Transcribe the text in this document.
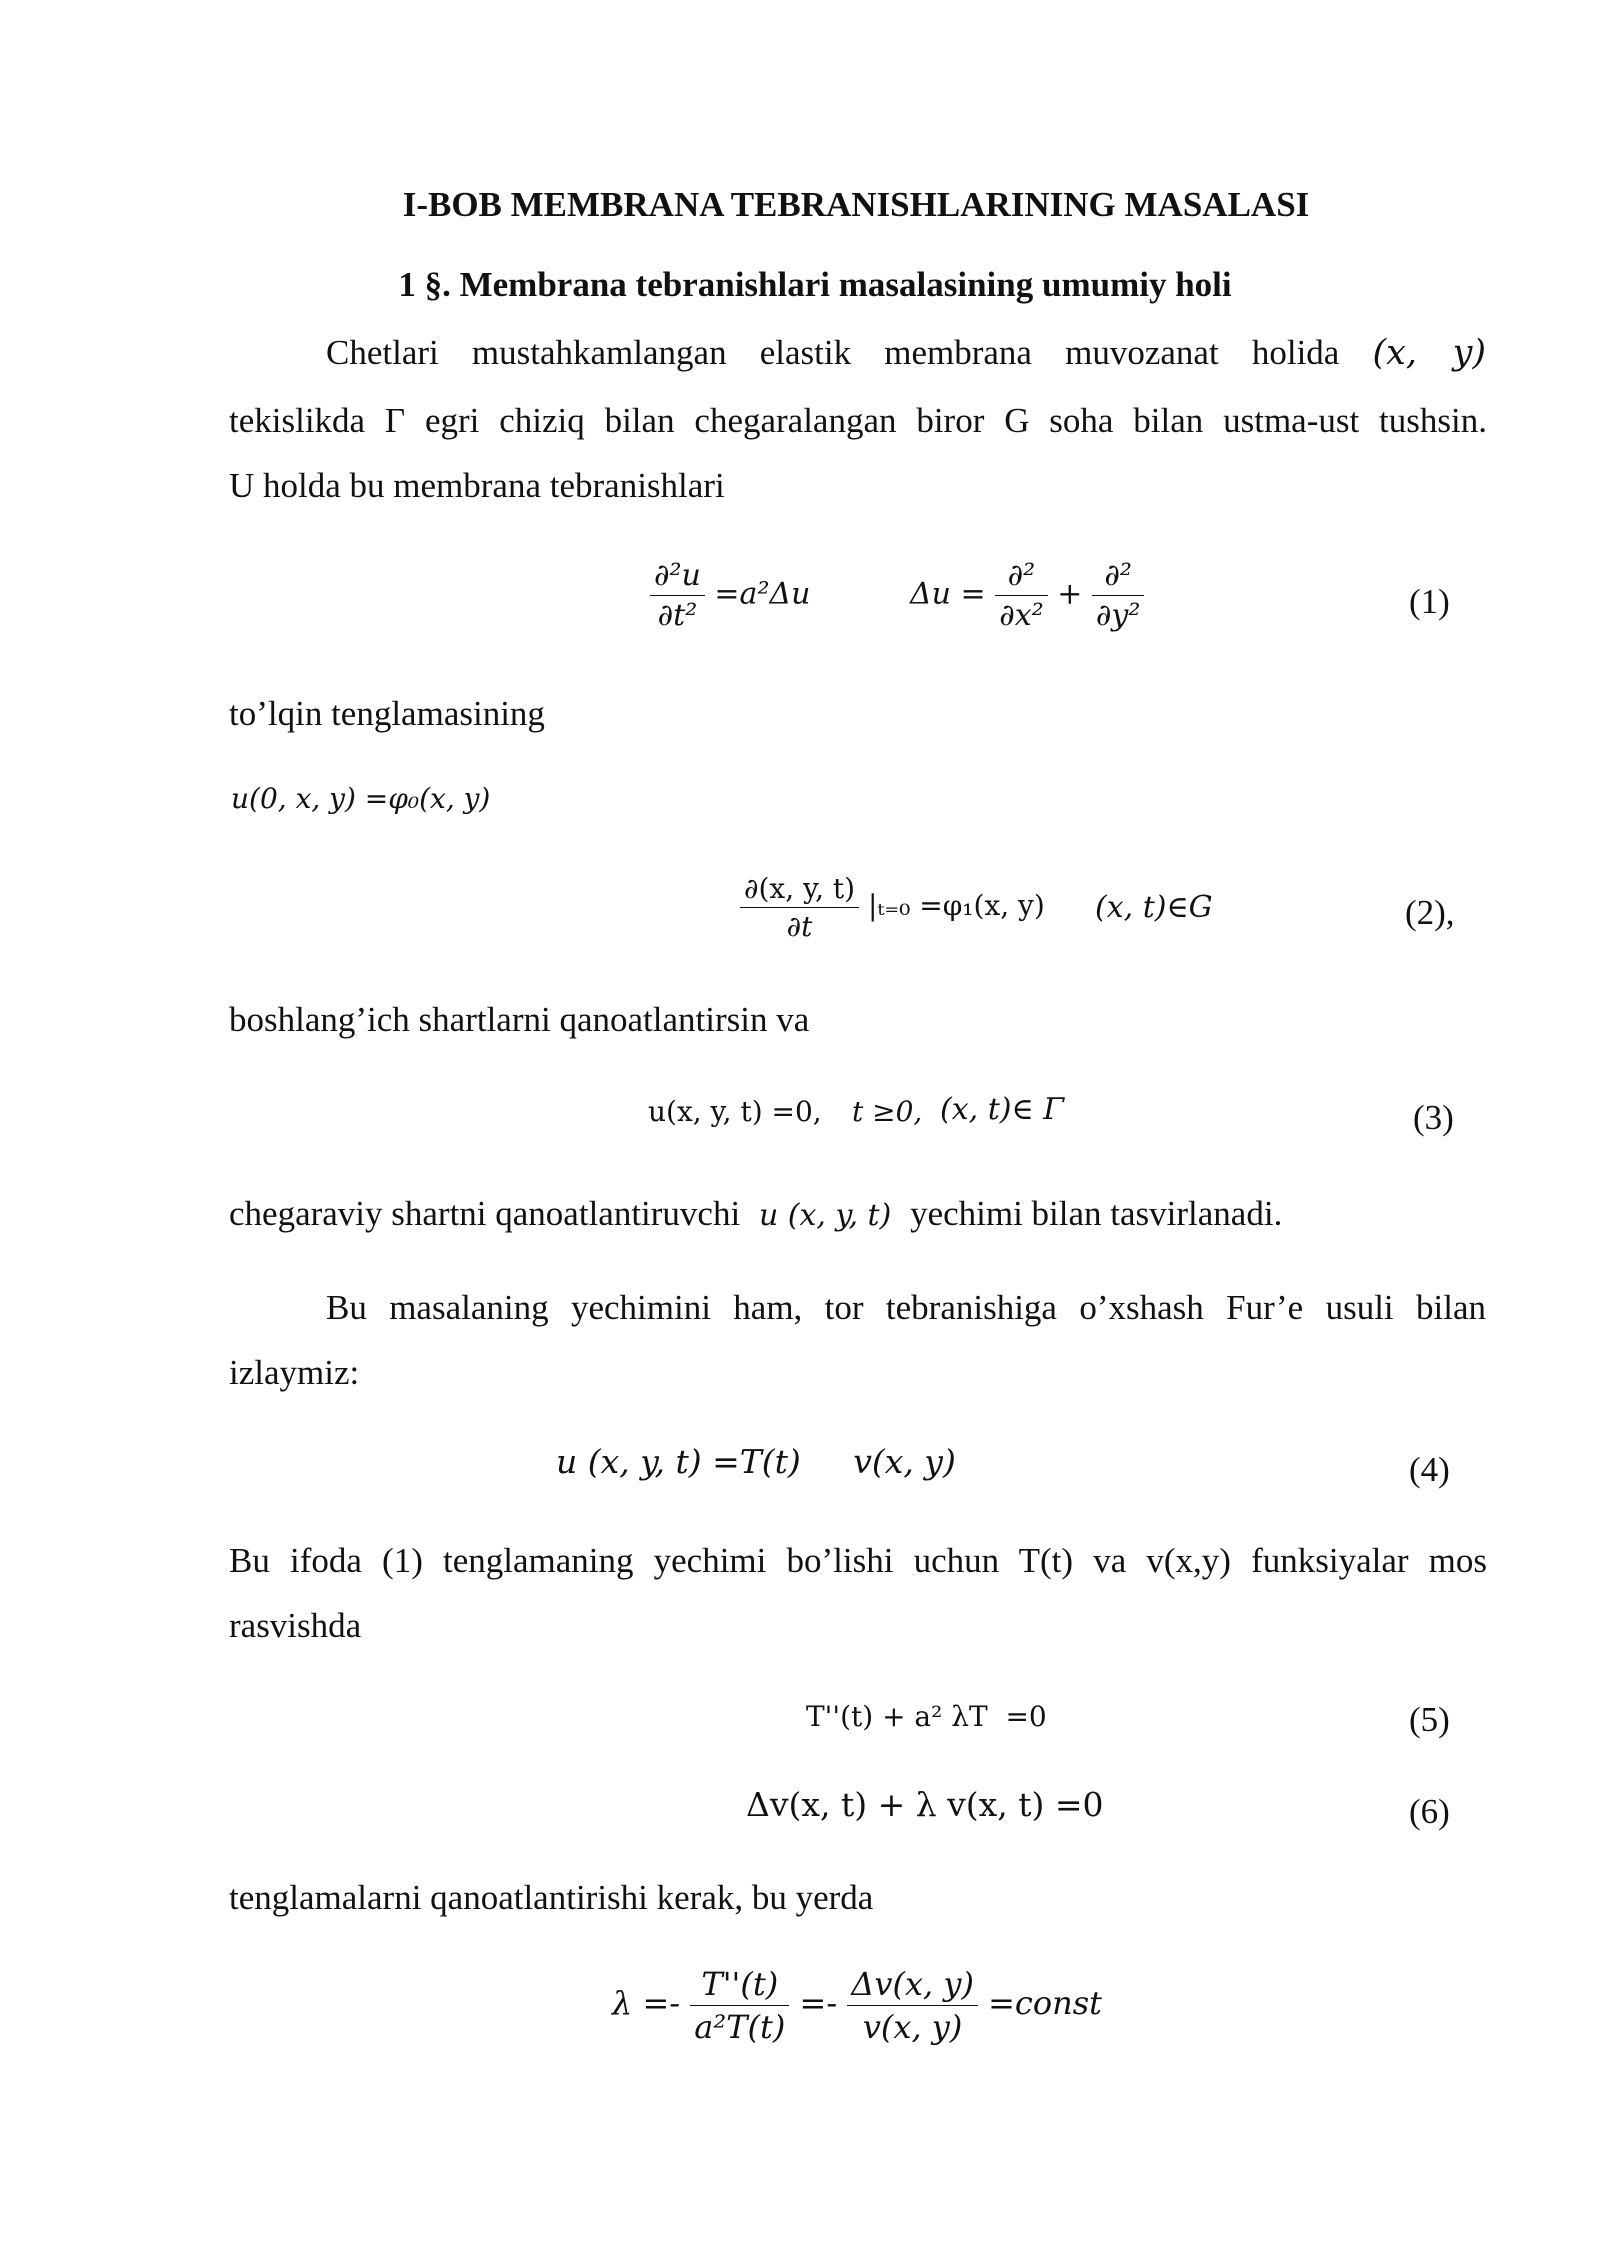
I-BOB MEMBRANA TEBRANISHLARINING MASALASI
1 §. Membrana tebranishlari masalasining umumiy holi
Chetlari mustahkamlangan elastik membrana muvozanat holida (x, y)
tekislikda Γ egri chiziq bilan chegaralangan biror G soha bilan ustma-ust tushsin.
U holda bu membrana tebranishlari
$\frac{\text{∂²u}}{\text{∂t²}} =a^2\Delta u$	$\Delta u = \frac{\text{∂²}}{\text{∂x²}} + \frac{\text{∂²}}{\text{∂y²}}$	(1)
to’lqin tenglamasining
u(0, x, y) =φ₀(x, y)
$\frac{\partial(x, y, t)}{\partial t} |_{t=0} =\varphi_1(x$, y) (x, t)∈G	(2),
boshlang’ich shartlarni qanoatlantirsin va
u(x, y, t) =0, t ≥0, (x, t)∈ Γ	(3)
chegaraviy shartni qanoatlantiruvchi u (x, y, t) yechimi bilan tasvirlanadi.
Bu masalaning yechimini ham, tor tebranishiga o’xshash Fur’e usuli bilan
izlaymiz:
u (x, y, t) =T(t)     v(x, y)	(4)
Bu ifoda (1) tenglamaning yechimi bo’lishi uchun T(t) va v(x,y) funksiyalar mos
rasvishda
T''(t) + a² λT  =0	(5)
Δv(x, t) + λ v(x, t) =0	(6)
tenglamalarni qanoatlantirishi kerak, bu yerda
$\lambda =- \frac{T''(t)}{\text{a²T(t)}} =- \frac{\Delta v(x, y)}{v(x, y)}$ =const
